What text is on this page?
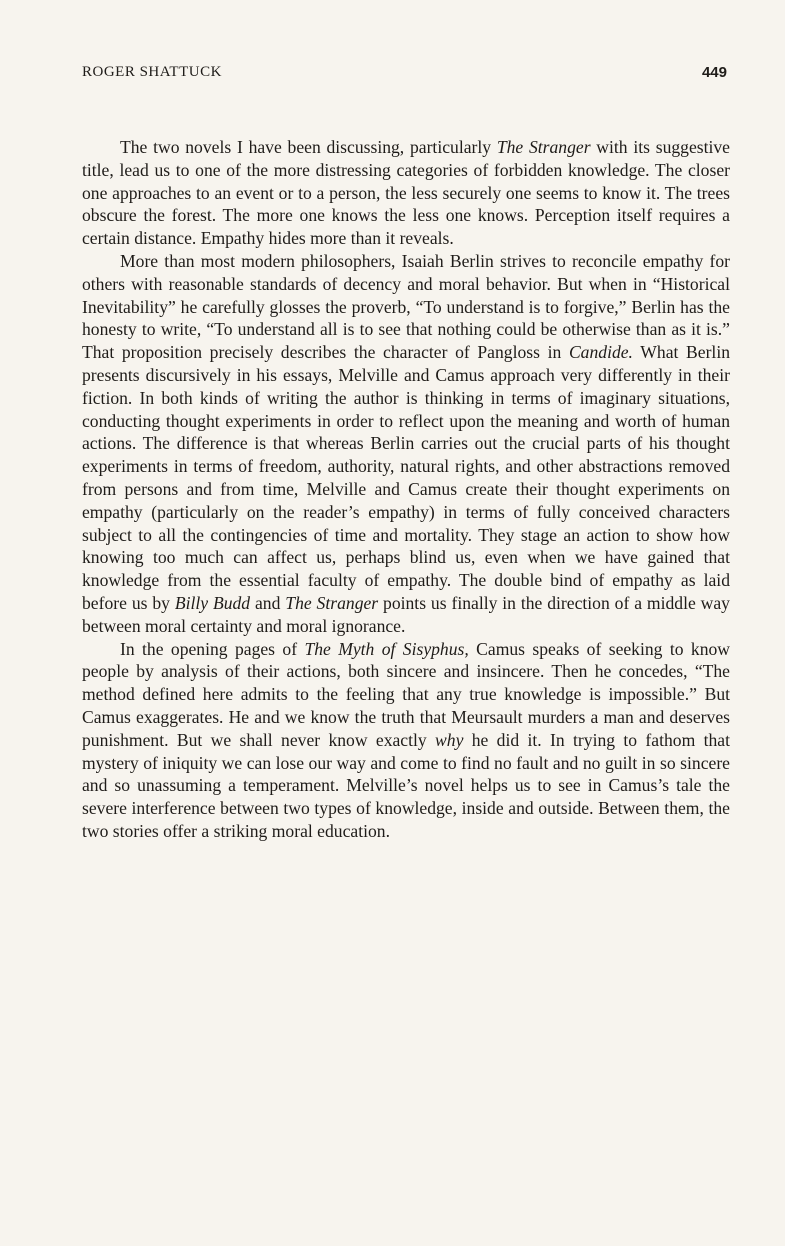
ROGER SHATTUCK	449

The two novels I have been discussing, particularly The Stranger with its suggestive title, lead us to one of the more distressing categories of forbidden knowledge. The closer one approaches to an event or to a person, the less securely one seems to know it. The trees obscure the forest. The more one knows the less one knows. Perception itself requires a certain distance. Empathy hides more than it reveals.

More than most modern philosophers, Isaiah Berlin strives to reconcile empathy for others with reasonable standards of decency and moral behavior. But when in “Historical Inevitability” he carefully glosses the proverb, “To understand is to forgive,” Berlin has the honesty to write, “To understand all is to see that nothing could be otherwise than as it is.” That proposition precisely describes the character of Pangloss in Candide. What Berlin presents discursively in his essays, Melville and Camus approach very differently in their fiction. In both kinds of writing the author is thinking in terms of imaginary situations, conducting thought experiments in order to reflect upon the meaning and worth of human actions. The difference is that whereas Berlin carries out the crucial parts of his thought experiments in terms of freedom, authority, natural rights, and other abstractions removed from persons and from time, Melville and Camus create their thought experiments on empathy (particularly on the reader’s empathy) in terms of fully conceived characters subject to all the contingencies of time and mortality. They stage an action to show how knowing too much can affect us, perhaps blind us, even when we have gained that knowledge from the essential faculty of empathy. The double bind of empathy as laid before us by Billy Budd and The Stranger points us finally in the direction of a middle way between moral certainty and moral ignorance.

In the opening pages of The Myth of Sisyphus, Camus speaks of seeking to know people by analysis of their actions, both sincere and insincere. Then he concedes, “The method defined here admits to the feeling that any true knowledge is impossible.” But Camus exaggerates. He and we know the truth that Meursault murders a man and deserves punishment. But we shall never know exactly why he did it. In trying to fathom that mystery of iniquity we can lose our way and come to find no fault and no guilt in so sincere and so unassuming a temperament. Melville’s novel helps us to see in Camus’s tale the severe interference between two types of knowledge, inside and outside. Between them, the two stories offer a striking moral education.
